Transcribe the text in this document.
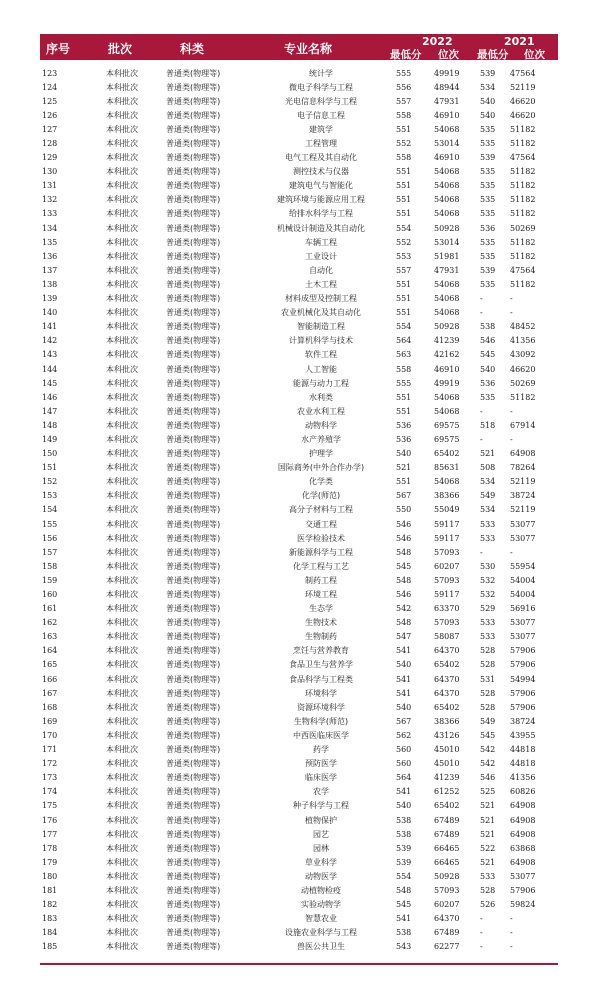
序号	批次	科类	专业名称
2022
最低分 位次
2021
最低分 位次
123	本科批次	普通类(物理等)	统计学	555	49919	539	47564
124	本科批次	普通类(物理等)	微电子科学与工程	556	48944	534	52119
125	本科批次	普通类(物理等)	光电信息科学与工程	557	47931	540	46620
126	本科批次	普通类(物理等)	电子信息工程	558	46910	540	46620
127	本科批次	普通类(物理等)	建筑学	551	54068	535	51182
128	本科批次	普通类(物理等)	工程管理	552	53014	535	51182
129	本科批次	普通类(物理等)	电气工程及其自动化	558	46910	539	47564
130	本科批次	普通类(物理等)	测控技术与仪器	551	54068	535	51182
131	本科批次	普通类(物理等)	建筑电气与智能化	551	54068	535	51182
132	本科批次	普通类(物理等)	建筑环境与能源应用工程	551	54068	535	51182
133	本科批次	普通类(物理等)	给排水科学与工程	551	54068	535	51182
134	本科批次	普通类(物理等)	机械设计制造及其自动化	554	50928	536	50269
135	本科批次	普通类(物理等)	车辆工程	552	53014	535	51182
136	本科批次	普通类(物理等)	工业设计	553	51981	535	51182
137	本科批次	普通类(物理等)	自动化	557	47931	539	47564
138	本科批次	普通类(物理等)	土木工程	551	54068	535	51182
139	本科批次	普通类(物理等)	材料成型及控制工程	551	54068	-	-
140	本科批次	普通类(物理等)	农业机械化及其自动化	551	54068	-	-
141	本科批次	普通类(物理等)	智能制造工程	554	50928	538	48452
142	本科批次	普通类(物理等)	计算机科学与技术	564	41239	546	41356
143	本科批次	普通类(物理等)	软件工程	563	42162	545	43092
144	本科批次	普通类(物理等)	人工智能	558	46910	540	46620
145	本科批次	普通类(物理等)	能源与动力工程	555	49919	536	50269
146	本科批次	普通类(物理等)	水利类	551	54068	535	51182
147	本科批次	普通类(物理等)	农业水利工程	551	54068	-	-
148	本科批次	普通类(物理等)	动物科学	536	69575	518	67914
149	本科批次	普通类(物理等)	水产养殖学	536	69575	-	-
150	本科批次	普通类(物理等)	护理学	540	65402	521	64908
151	本科批次	普通类(物理等)	国际商务(中外合作办学)	521	85631	508	78264
152	本科批次	普通类(物理等)	化学类	551	54068	534	52119
153	本科批次	普通类(物理等)	化学(师范)	567	38366	549	38724
154	本科批次	普通类(物理等)	高分子材料与工程	550	55049	534	52119
155	本科批次	普通类(物理等)	交通工程	546	59117	533	53077
156	本科批次	普通类(物理等)	医学检验技术	546	59117	533	53077
157	本科批次	普通类(物理等)	新能源科学与工程	548	57093	-	-
158	本科批次	普通类(物理等)	化学工程与工艺	545	60207	530	55954
159	本科批次	普通类(物理等)	制药工程	548	57093	532	54004
160	本科批次	普通类(物理等)	环境工程	546	59117	532	54004
161	本科批次	普通类(物理等)	生态学	542	63370	529	56916
162	本科批次	普通类(物理等)	生物技术	548	57093	533	53077
163	本科批次	普通类(物理等)	生物制药	547	58087	533	53077
164	本科批次	普通类(物理等)	烹饪与营养教育	541	64370	528	57906
165	本科批次	普通类(物理等)	食品卫生与营养学	540	65402	528	57906
166	本科批次	普通类(物理等)	食品科学与工程类	541	64370	531	54994
167	本科批次	普通类(物理等)	环境科学	541	64370	528	57906
168	本科批次	普通类(物理等)	资源环境科学	540	65402	528	57906
169	本科批次	普通类(物理等)	生物科学(师范)	567	38366	549	38724
170	本科批次	普通类(物理等)	中西医临床医学	562	43126	545	43955
171	本科批次	普通类(物理等)	药学	560	45010	542	44818
172	本科批次	普通类(物理等)	预防医学	560	45010	542	44818
173	本科批次	普通类(物理等)	临床医学	564	41239	546	41356
174	本科批次	普通类(物理等)	农学	541	61252	525	60826
175	本科批次	普通类(物理等)	种子科学与工程	540	65402	521	64908
176	本科批次	普通类(物理等)	植物保护	538	67489	521	64908
177	本科批次	普通类(物理等)	园艺	538	67489	521	64908
178	本科批次	普通类(物理等)	园林	539	66465	522	63868
179	本科批次	普通类(物理等)	草业科学	539	66465	521	64908
180	本科批次	普通类(物理等)	动物医学	554	50928	533	53077
181	本科批次	普通类(物理等)	动植物检疫	548	57093	528	57906
182	本科批次	普通类(物理等)	实验动物学	545	60207	526	59824
183	本科批次	普通类(物理等)	智慧农业	541	64370	-	-
184	本科批次	普通类(物理等)	设施农业科学与工程	538	67489	-	-
185	本科批次	普通类(物理等)	兽医公共卫生	543	62277	-	-
